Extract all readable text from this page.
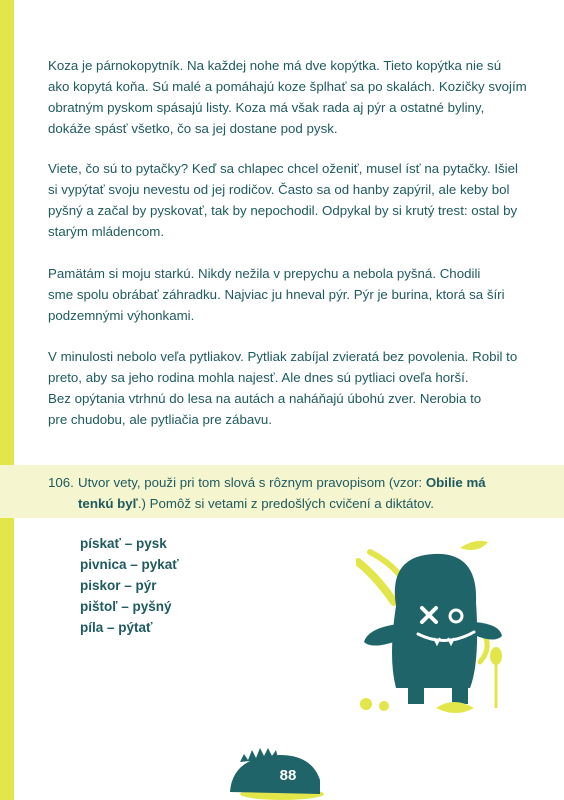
Koza je párnokopytník. Na každej nohe má dve kopýtka. Tieto kopýtka nie sú
ako kopytá koňa. Sú malé a pomáhajú koze šplhať sa po skalách. Kozičky svojím
obratným pyskom spásajú listy. Koza má však rada aj pýr a ostatné byliny,
dokáže spásť všetko, čo sa jej dostane pod pysk.
Viete, čo sú to pytačky? Keď sa chlapec chcel oženiť, musel ísť na pytačky. Išiel
si vypýtať svoju nevestu od jej rodičov. Často sa od hanby zapýril, ale keby bol
pyšný a začal by pyskovať, tak by nepochodil. Odpykal by si krutý trest: ostal by
starým mládencom.
Pamätám si moju starkú. Nikdy nežila v prepychu a nebola pyšná. Chodili
sme spolu obrábať záhradku. Najviac ju hneval pýr. Pýr je burina, ktorá sa šíri
podzemnými výhonkami.
V minulosti nebolo veľa pytliakov. Pytliak zabíjal zvieratá bez povolenia. Robil to
preto, aby sa jeho rodina mohla najesť. Ale dnes sú pytliaci oveľa horší.
Bez opýtania vtrhnú do lesa na autách a naháňajú úbohú zver. Nerobia to
pre chudobu, ale pytliačia pre zábavu.
106. Utvor vety, použi pri tom slová s rôznym pravopisom (vzor: Obilie má
tenkú byľ.) Pomôž si vetami z predošlých cvičení a diktátov.
pískať – pysk
pivnica – pykať
piskor – pýr
pištoľ – pyšný
píla – pýtať
88
